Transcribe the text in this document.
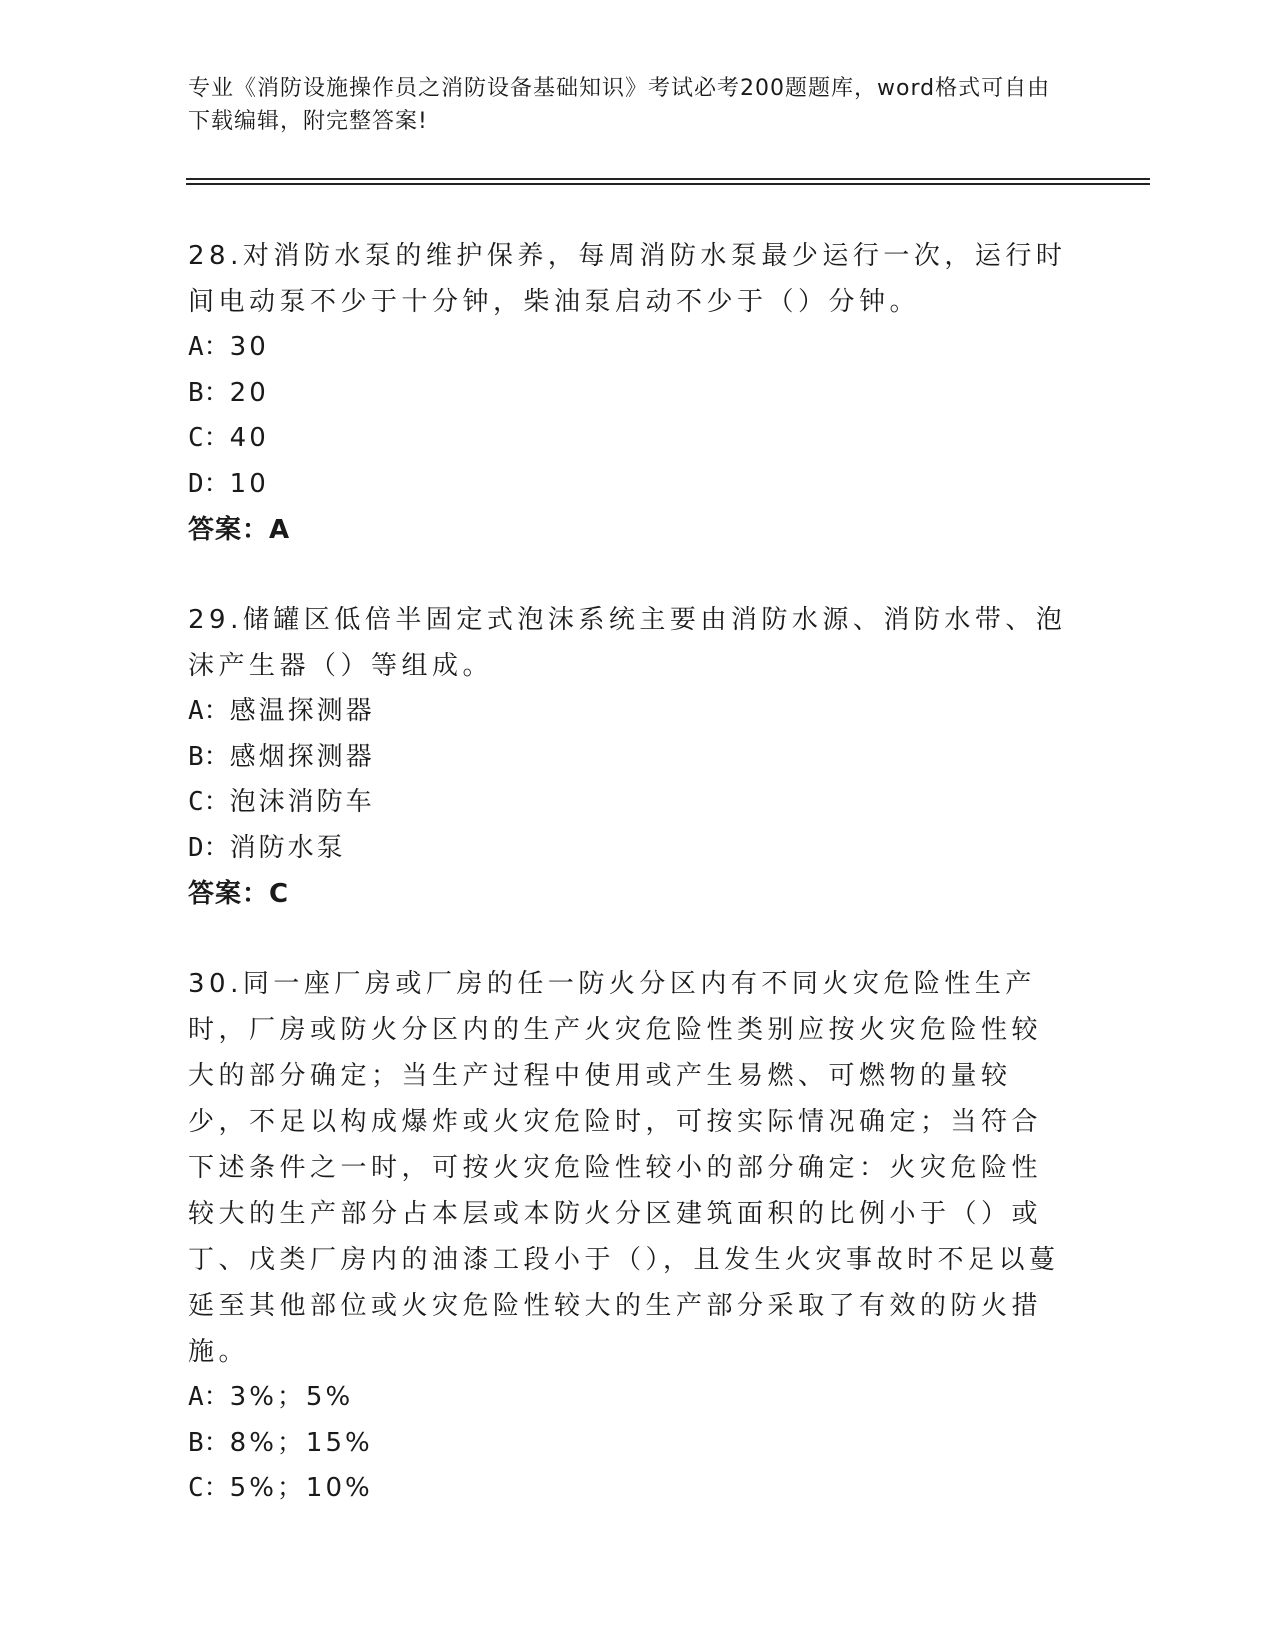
专业《消防设施操作员之消防设备基础知识》考试必考200题题库，word格式可自由下载编辑，附完整答案!

28.对消防水泵的维护保养，每周消防水泵最少运行一次，运行时间电动泵不少于十分钟，柴油泵启动不少于（）分钟。

A：30

B：20

C：40

D：10

答案：A

29.储罐区低倍半固定式泡沫系统主要由消防水源、消防水带、泡沫产生器（）等组成。

A：感温探测器

B：感烟探测器

C：泡沫消防车

D：消防水泵

答案：C

30.同一座厂房或厂房的任一防火分区内有不同火灾危险性生产时，厂房或防火分区内的生产火灾危险性类别应按火灾危险性较大的部分确定；当生产过程中使用或产生易燃、可燃物的量较少，不足以构成爆炸或火灾危险时，可按实际情况确定；当符合下述条件之一时，可按火灾危险性较小的部分确定：火灾危险性较大的生产部分占本层或本防火分区建筑面积的比例小于（）或丁、戊类厂房内的油漆工段小于（），且发生火灾事故时不足以蔓延至其他部位或火灾危险性较大的生产部分采取了有效的防火措施。

A：3%；5%

B：8%；15%

C：5%；10%
